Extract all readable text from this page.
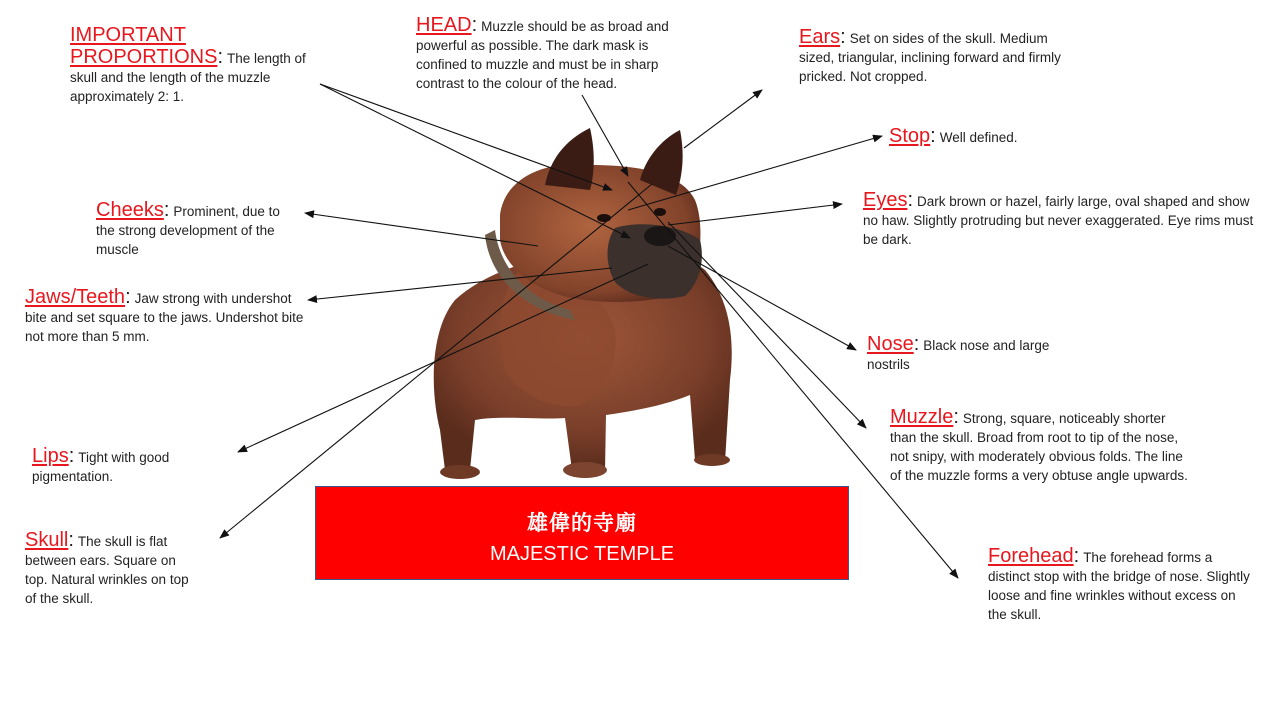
IMPORTANT PROPORTIONS: The length of skull and the length of the muzzle approximately 2: 1.
HEAD: Muzzle should be as broad and powerful as possible. The dark mask is confined to muzzle and must be in sharp contrast to the colour of the head.
Ears: Set on sides of the skull. Medium sized, triangular, inclining forward and firmly pricked. Not cropped.
Stop: Well defined.
Eyes: Dark brown or hazel, fairly large, oval shaped and show no haw. Slightly protruding but never exaggerated. Eye rims must be dark.
Cheeks: Prominent, due to the strong development of the muscle
Jaws/Teeth: Jaw strong with undershot bite and set square to the jaws. Undershot bite not more than 5 mm.	Nose: Black nose and large nostrils
Muzzle: Strong, square, noticeably shorter than the skull. Broad from root to tip of the nose, not snipy, with moderately obvious folds. The line of the muzzle forms a very obtuse angle upwards.
Lips: Tight with good pigmentation.
Skull: The skull is flat between ears. Square on top. Natural wrinkles on top of the skull.
Forehead: The forehead forms a distinct stop with the bridge of nose. Slightly loose and fine wrinkles without excess on the skull.
雄偉的寺廟
MAJESTIC TEMPLE
